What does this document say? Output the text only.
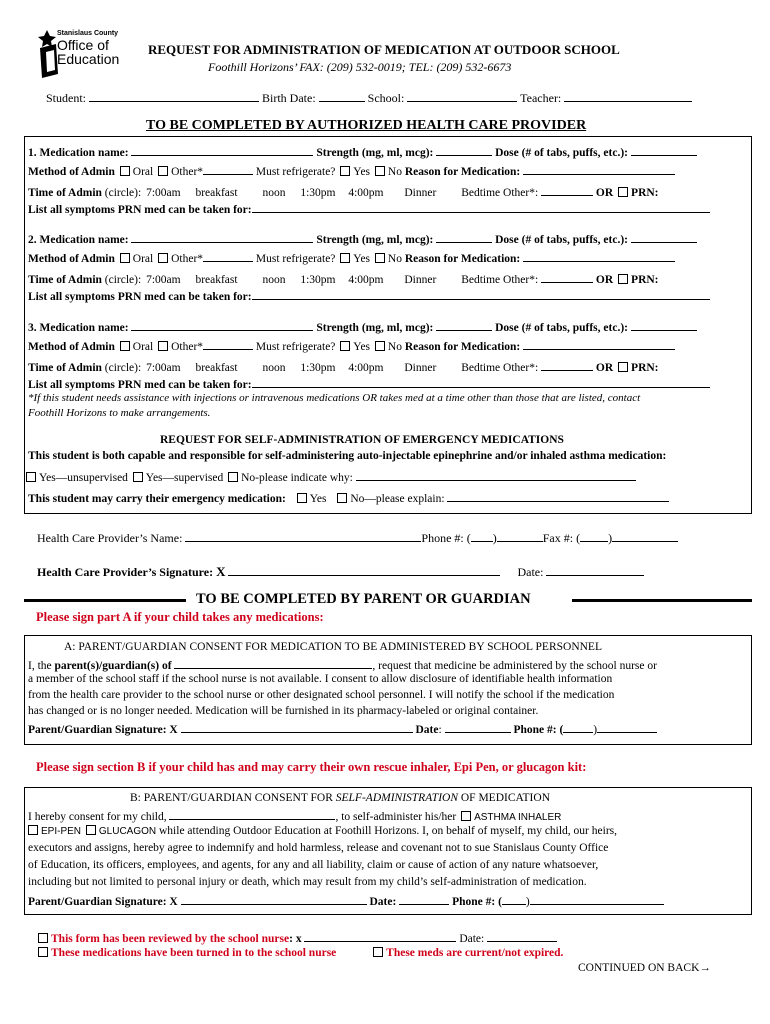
Stanislaus County
Office of
Education
REQUEST FOR ADMINISTRATION OF MEDICATION AT OUTDOOR SCHOOL
Foothill Horizons’ FAX: (209) 532-0019; TEL: (209) 532-6673
Student:	Birth Date:	School:	Teacher:
TO BE COMPLETED BY AUTHORIZED HEALTH CARE PROVIDER
1. Medication name:	Strength (mg, ml, mcg):	Dose (# of tabs, puffs, etc.):
Method of Admin Oral Other*	Must refrigerate? Yes No Reason for Medication:
Time of Admin (circle): 7:00am breakfast noon 1:30pm 4:00pm Dinner Bedtime Other*:	OR PRN:
List all symptoms PRN med can be taken for:
2. Medication name:	Strength (mg, ml, mcg):	Dose (# of tabs, puffs, etc.):
Method of Admin Oral Other*	Must refrigerate? Yes No Reason for Medication:
Time of Admin (circle): 7:00am breakfast noon 1:30pm 4:00pm Dinner Bedtime Other*:	OR PRN:
List all symptoms PRN med can be taken for:
3. Medication name:	Strength (mg, ml, mcg):	Dose (# of tabs, puffs, etc.):
Method of Admin Oral Other*	Must refrigerate? Yes No Reason for Medication:
Time of Admin (circle): 7:00am breakfast noon 1:30pm 4:00pm Dinner Bedtime Other*:	OR PRN:
List all symptoms PRN med can be taken for:
*If this student needs assistance with injections or intravenous medications OR takes med at a time other than those that are listed, contact
Foothill Horizons to make arrangements.
REQUEST FOR SELF-ADMINISTRATION OF EMERGENCY MEDICATIONS
This student is both capable and responsible for self-administering auto-injectable epinephrine and/or inhaled asthma medication:
Yes—unsupervised Yes—supervised No-please indicate why:
This student may carry their emergency medication: Yes No—please explain:
Health Care Provider’s Name:	Phone #: ( )	Fax #: ( )
Health Care Provider’s Signature: X	Date:
TO BE COMPLETED BY PARENT OR GUARDIAN
Please sign part A if your child takes any medications:
A: PARENT/GUARDIAN CONSENT FOR MEDICATION TO BE ADMINISTERED BY SCHOOL PERSONNEL
I, the parent(s)/guardian(s) of	, request that medicine be administered by the school nurse or
a member of the school staff if the school nurse is not available. I consent to allow disclosure of identifiable health information
from the health care provider to the school nurse or other designated school personnel. I will notify the school if the medication
has changed or is no longer needed. Medication will be furnished in its pharmacy-labeled or original container.
Parent/Guardian Signature: X	Date:	Phone #: (	)
Please sign section B if your child has and may carry their own rescue inhaler, Epi Pen, or glucagon kit:
B: PARENT/GUARDIAN CONSENT FOR SELF-ADMINISTRATION OF MEDICATION
I hereby consent for my child,	, to self-administer his/her ASTHMA INHALER
EPI-PEN GLUCAGON while attending Outdoor Education at Foothill Horizons. I, on behalf of myself, my child, our heirs,
executors and assigns, hereby agree to indemnify and hold harmless, release and covenant not to sue Stanislaus County Office
of Education, its officers, employees, and agents, for any and all liability, claim or cause of action of any nature whatsoever,
including but not limited to personal injury or death, which may result from my child’s self-administration of medication.
Parent/Guardian Signature: X	Date:	Phone #: ( )
This form has been reviewed by the school nurse: x	Date:
These medications have been turned in to the school nurse	These meds are current/not expired.
CONTINUED ON BACK→
